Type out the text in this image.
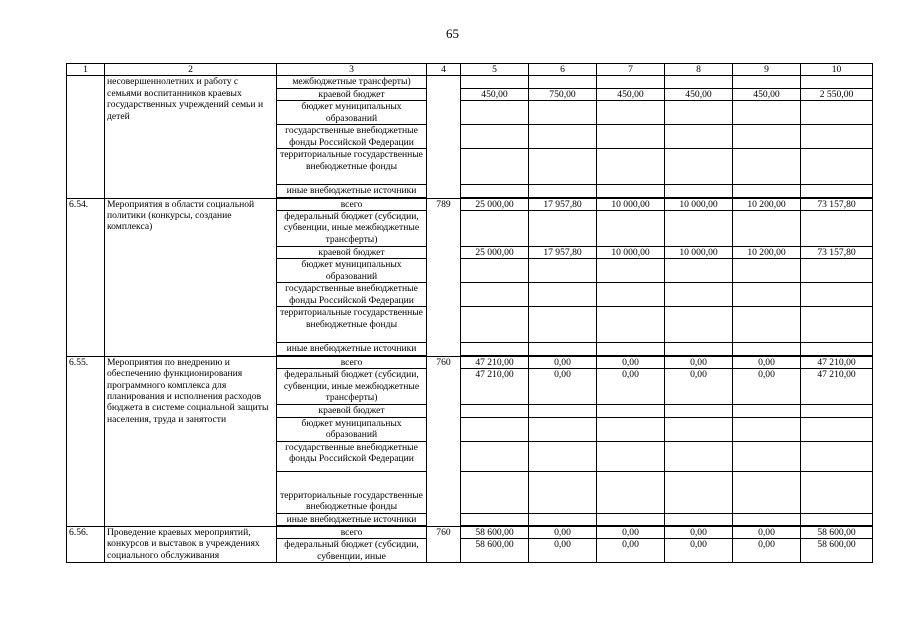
65
1	2	3	4	5	6	7	8	9	10
	несовершеннолетних и работу с семьями воспитанников краевых государственных учреждений семьи и детей	межбюджетные трансферты)							
		краевой бюджет		450,00	750,00	450,00	450,00	450,00	2 550,00
		бюджет муниципальных образований							
		государственные внебюджетные фонды Российской Федерации							
		территориальные государственные внебюджетные фонды							
		иные внебюджетные источники							

6.54.	Мероприятия в области социальной политики (конкурсы, создание комплекса)	всего	789	25 000,00	17 957,80	10 000,00	10 000,00	10 200,00	73 157,80
		федеральный бюджет (субсидии, субвенции, иные межбюджетные трансферты)							
		краевой бюджет		25 000,00	17 957,80	10 000,00	10 000,00	10 200,00	73 157,80
		бюджет муниципальных образований							
		государственные внебюджетные фонды Российской Федерации							
		территориальные государственные внебюджетные фонды							
		иные внебюджетные источники							

6.55.	Мероприятия по внедрению и обеспечению функционирования программного комплекса для планирования и исполнения расходов бюджета в системе социальной защиты населения, труда и занятости	всего	760	47 210,00	0,00	0,00	0,00	0,00	47 210,00
		федеральный бюджет (субсидии, субвенции, иные межбюджетные трансферты)		47 210,00	0,00	0,00	0,00	0,00	47 210,00
		краевой бюджет							
		бюджет муниципальных образований							
		государственные внебюджетные фонды Российской Федерации							
		территориальные государственные внебюджетные фонды							
		иные внебюджетные источники							

6.56.	Проведение краевых мероприятий, конкурсов и выставок в учреждениях социального обслуживания	всего	760	58 600,00	0,00	0,00	0,00	0,00	58 600,00
		федеральный бюджет (субсидии, субвенции, иные		58 600,00	0,00	0,00	0,00	0,00	58 600,00
